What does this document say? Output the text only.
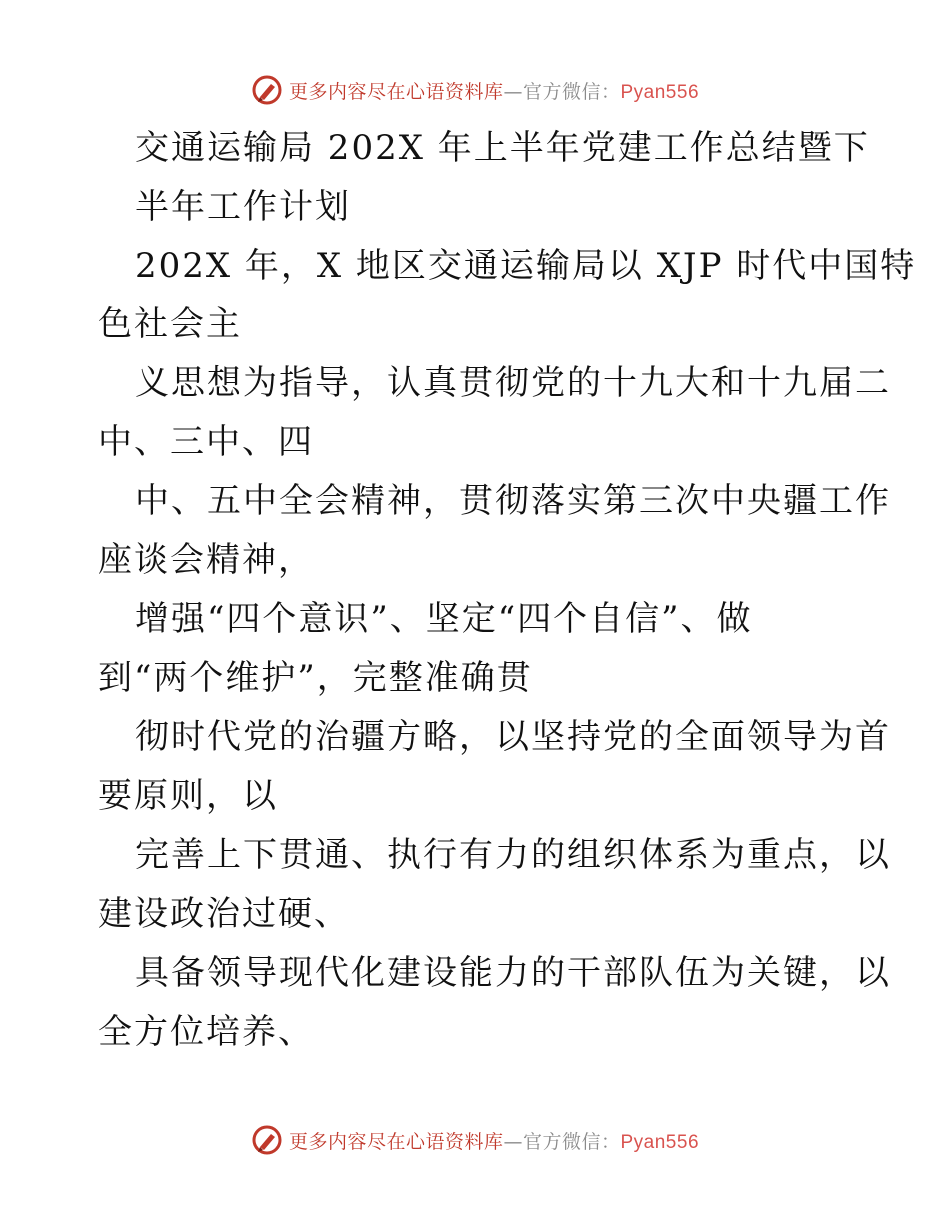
更多内容尽在心语资料库—官方微信：Pyan556
交通运输局 202X 年上半年党建工作总结暨下
半年工作计划
202X 年，X 地区交通运输局以 XJP 时代中国特
色社会主
义思想为指导，认真贯彻党的十九大和十九届二
中、三中、四
中、五中全会精神，贯彻落实第三次中央疆工作
座谈会精神，
增强“四个意识”、坚定“四个自信”、做
到“两个维护”，完整准确贯
彻时代党的治疆方略，以坚持党的全面领导为首
要原则，以
完善上下贯通、执行有力的组织体系为重点，以
建设政治过硬、
具备领导现代化建设能力的干部队伍为关键，以
全方位培养、
更多内容尽在心语资料库—官方微信：Pyan556
